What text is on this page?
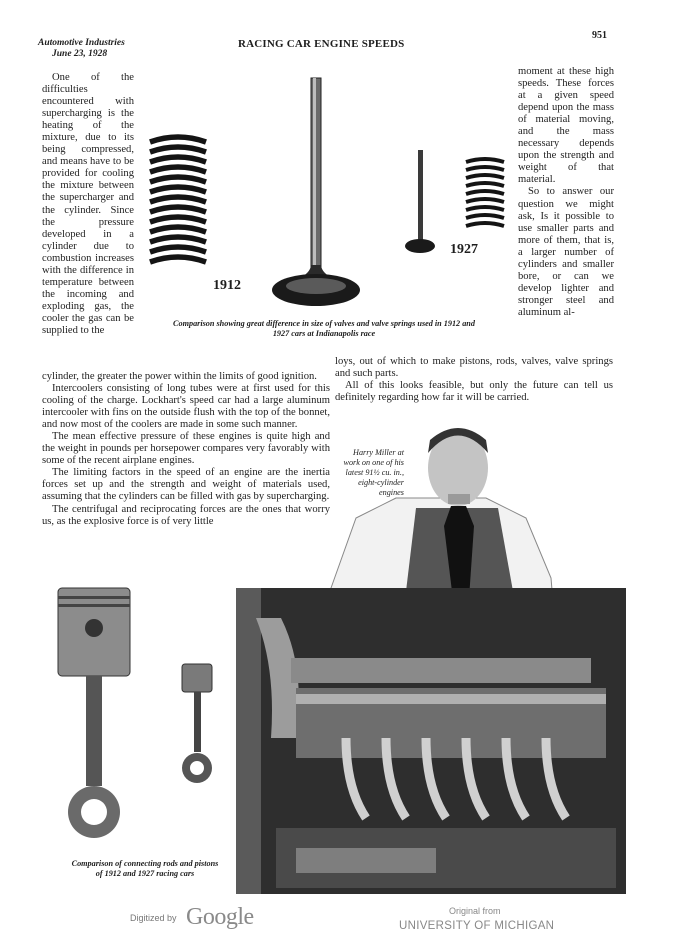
Automotive Industries
June 23, 1928
RACING CAR ENGINE SPEEDS
951
1912
1927
Comparison showing great difference in size of valves and valve springs used in 1912 and 1927 cars at Indianapolis race

One of the difficulties encountered with supercharging is the heating of the mixture, due to its being compressed, and means have to be provided for cooling the mixture between the supercharger and the cylinder. Since the pressure developed in a cylinder due to combustion increases with the difference in temperature between the incoming and exploding gas, the cooler the gas can be supplied to the

moment at these high speeds. These forces at a given speed depend upon the mass of material moving, and the mass necessary depends upon the strength and weight of that material.

So to answer our question we might ask, Is it possible to use smaller parts and more of them, that is, a larger number of cylinders and smaller bore, or can we develop lighter and stronger steel and aluminum al-

cylinder, the greater the power within the limits of good ignition.

Intercoolers consisting of long tubes were at first used for this cooling of the charge. Lockhart's speed car had a large aluminum intercooler with fins on the outside flush with the top of the bonnet, and now most of the coolers are made in some such manner.

The mean effective pressure of these engines is quite high and the weight in pounds per horsepower compares very favorably with some of the recent airplane engines.

The limiting factors in the speed of an engine are the inertia forces set up and the strength and weight of materials used, assuming that the cylinders can be filled with gas by supercharging.

The centrifugal and reciprocating forces are the ones that worry us, as the explosive force is of very little

loys, out of which to make pistons, rods, valves, valve springs and such parts.

All of this looks feasible, but only the future can tell us definitely regarding how far it will be carried.

Harry Miller at work on one of his latest 91½ cu. in., eight-cylinder engines
Comparison of connecting rods and pistons of 1912 and 1927 racing cars
Digitized by Google	Original from
UNIVERSITY OF MICHIGAN
